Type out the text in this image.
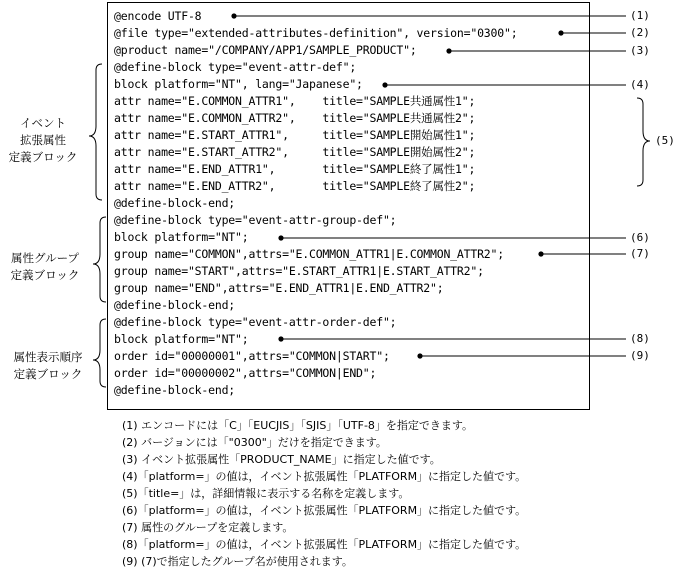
@encode UTF-8
@file type="extended-attributes-definition", version="0300";
@product name="/COMPANY/APP1/SAMPLE_PRODUCT";
@define-block type="event-attr-def";
block platform="NT", lang="Japanese";
attr name="E.COMMON_ATTR1",    title="SAMPLE共通属性1";
attr name="E.COMMON_ATTR2",    title="SAMPLE共通属性2";
attr name="E.START_ATTR1",     title="SAMPLE開始属性1";
attr name="E.START_ATTR2",     title="SAMPLE開始属性2";
attr name="E.END_ATTR1",       title="SAMPLE終了属性1";
attr name="E.END_ATTR2",       title="SAMPLE終了属性2";
@define-block-end;
@define-block type="event-attr-group-def";
block platform="NT";
group name="COMMON",attrs="E.COMMON_ATTR1|E.COMMON_ATTR2";
group name="START",attrs="E.START_ATTR1|E.START_ATTR2";
group name="END",attrs="E.END_ATTR1|E.END_ATTR2";
@define-block-end;
@define-block type="event-attr-order-def";
block platform="NT";
order id="00000001",attrs="COMMON|START";
order id="00000002",attrs="COMMON|END";
@define-block-end;
イベント
拡張属性
定義ブロック
属性グループ
定義ブロック
属性表示順序
定義ブロック
(1)
(2)
(3)
(4)
(5)
(6)
(7)
(8)
(9)
(1) エンコードには「C」「EUCJIS」「SJIS」「UTF-8」を指定できます。
(2) バージョンには「"0300"」だけを指定できます。
(3) イベント拡張属性「PRODUCT_NAME」に指定した値です。
(4)「platform=」の値は，イベント拡張属性「PLATFORM」に指定した値です。
(5)「title=」は，詳細情報に表示する名称を定義します。
(6)「platform=」の値は，イベント拡張属性「PLATFORM」に指定した値です。
(7) 属性のグループを定義します。
(8)「platform=」の値は，イベント拡張属性「PLATFORM」に指定した値です。
(9) (7)で指定したグループ名が使用されます。
